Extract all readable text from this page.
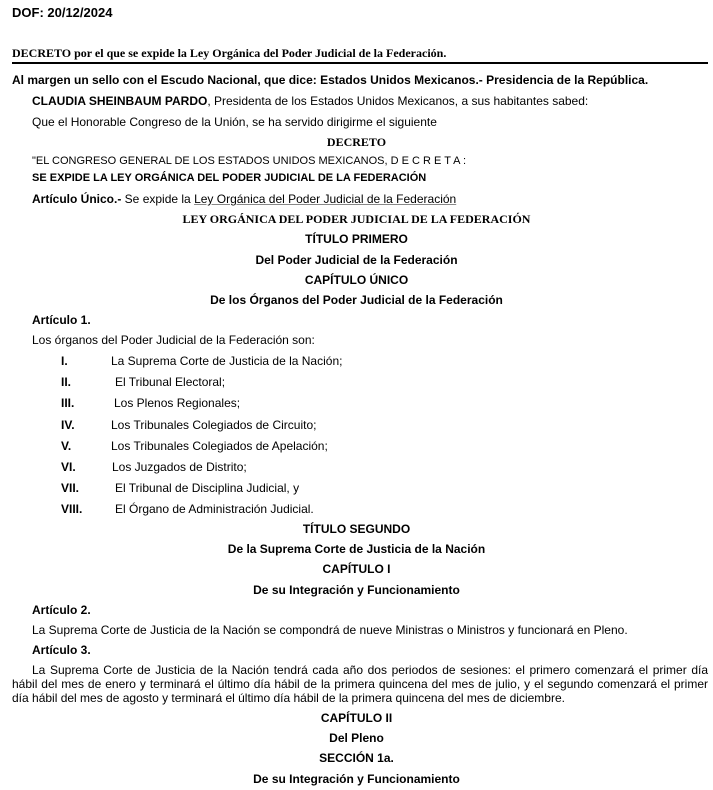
DOF: 20/12/2024
DECRETO por el que se expide la Ley Orgánica del Poder Judicial de la Federación.
Al margen un sello con el Escudo Nacional, que dice: Estados Unidos Mexicanos.- Presidencia de la República.
CLAUDIA SHEINBAUM PARDO, Presidenta de los Estados Unidos Mexicanos, a sus habitantes sabed:
Que el Honorable Congreso de la Unión, se ha servido dirigirme el siguiente
DECRETO
"EL CONGRESO GENERAL DE LOS ESTADOS UNIDOS MEXICANOS, D E C R E T A :
SE EXPIDE LA LEY ORGÁNICA DEL PODER JUDICIAL DE LA FEDERACIÓN
Artículo Único.- Se expide la Ley Orgánica del Poder Judicial de la Federación
LEY ORGÁNICA DEL PODER JUDICIAL DE LA FEDERACIÓN
TÍTULO PRIMERO
Del Poder Judicial de la Federación
CAPÍTULO ÚNICO
De los Órganos del Poder Judicial de la Federación
Artículo 1.
Los órganos del Poder Judicial de la Federación son:
I.	La Suprema Corte de Justicia de la Nación;
II.	El Tribunal Electoral;
III.	Los Plenos Regionales;
IV.	Los Tribunales Colegiados de Circuito;
V.	Los Tribunales Colegiados de Apelación;
VI.	Los Juzgados de Distrito;
VII.	El Tribunal de Disciplina Judicial, y
VIII.	El Órgano de Administración Judicial.
TÍTULO SEGUNDO
De la Suprema Corte de Justicia de la Nación
CAPÍTULO I
De su Integración y Funcionamiento
Artículo 2.
La Suprema Corte de Justicia de la Nación se compondrá de nueve Ministras o Ministros y funcionará en Pleno.
Artículo 3.
La Suprema Corte de Justicia de la Nación tendrá cada año dos periodos de sesiones: el primero comenzará el primer día hábil del mes de enero y terminará el último día hábil de la primera quincena del mes de julio, y el segundo comenzará el primer día hábil del mes de agosto y terminará el último día hábil de la primera quincena del mes de diciembre.
CAPÍTULO II
Del Pleno
SECCIÓN 1a.
De su Integración y Funcionamiento
